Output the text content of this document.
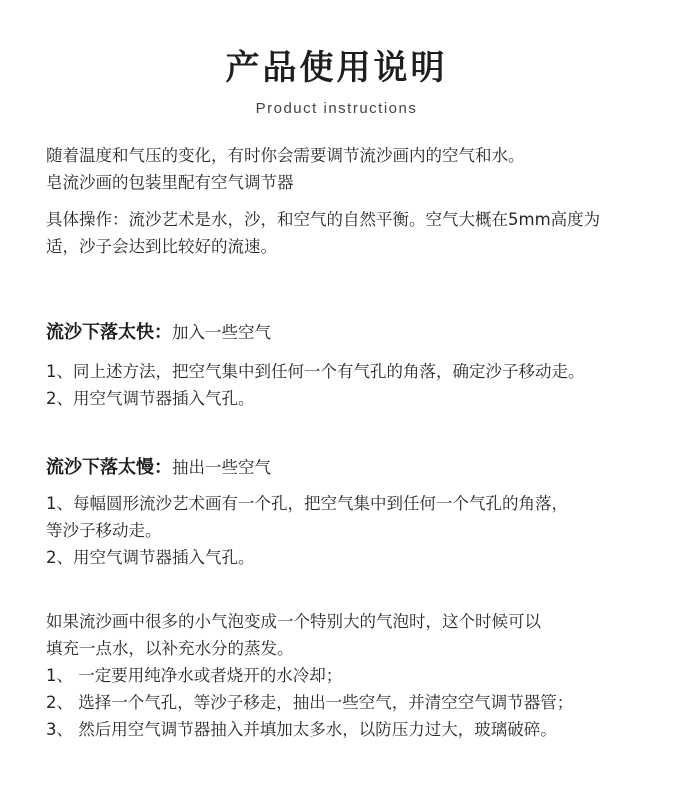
产品使用说明
Product instructions
随着温度和气压的变化，有时你会需要调节流沙画内的空气和水。
皂流沙画的包装里配有空气调节器
具体操作：流沙艺术是水，沙，和空气的自然平衡。空气大概在5mm高度为
适，沙子会达到比较好的流速。
流沙下落太快：加入一些空气
1、同上述方法，把空气集中到任何一个有气孔的角落，确定沙子移动走。
2、用空气调节器插入气孔。
流沙下落太慢：抽出一些空气
1、每幅圆形流沙艺术画有一个孔，把空气集中到任何一个气孔的角落，
等沙子移动走。
2、用空气调节器插入气孔。
如果流沙画中很多的小气泡变成一个特别大的气泡时，这个时候可以
填充一点水，以补充水分的蒸发。
1、 一定要用纯净水或者烧开的水冷却；
2、 选择一个气孔，等沙子移走，抽出一些空气，并清空空气调节器管；
3、 然后用空气调节器抽入并填加太多水，以防压力过大，玻璃破碎。
